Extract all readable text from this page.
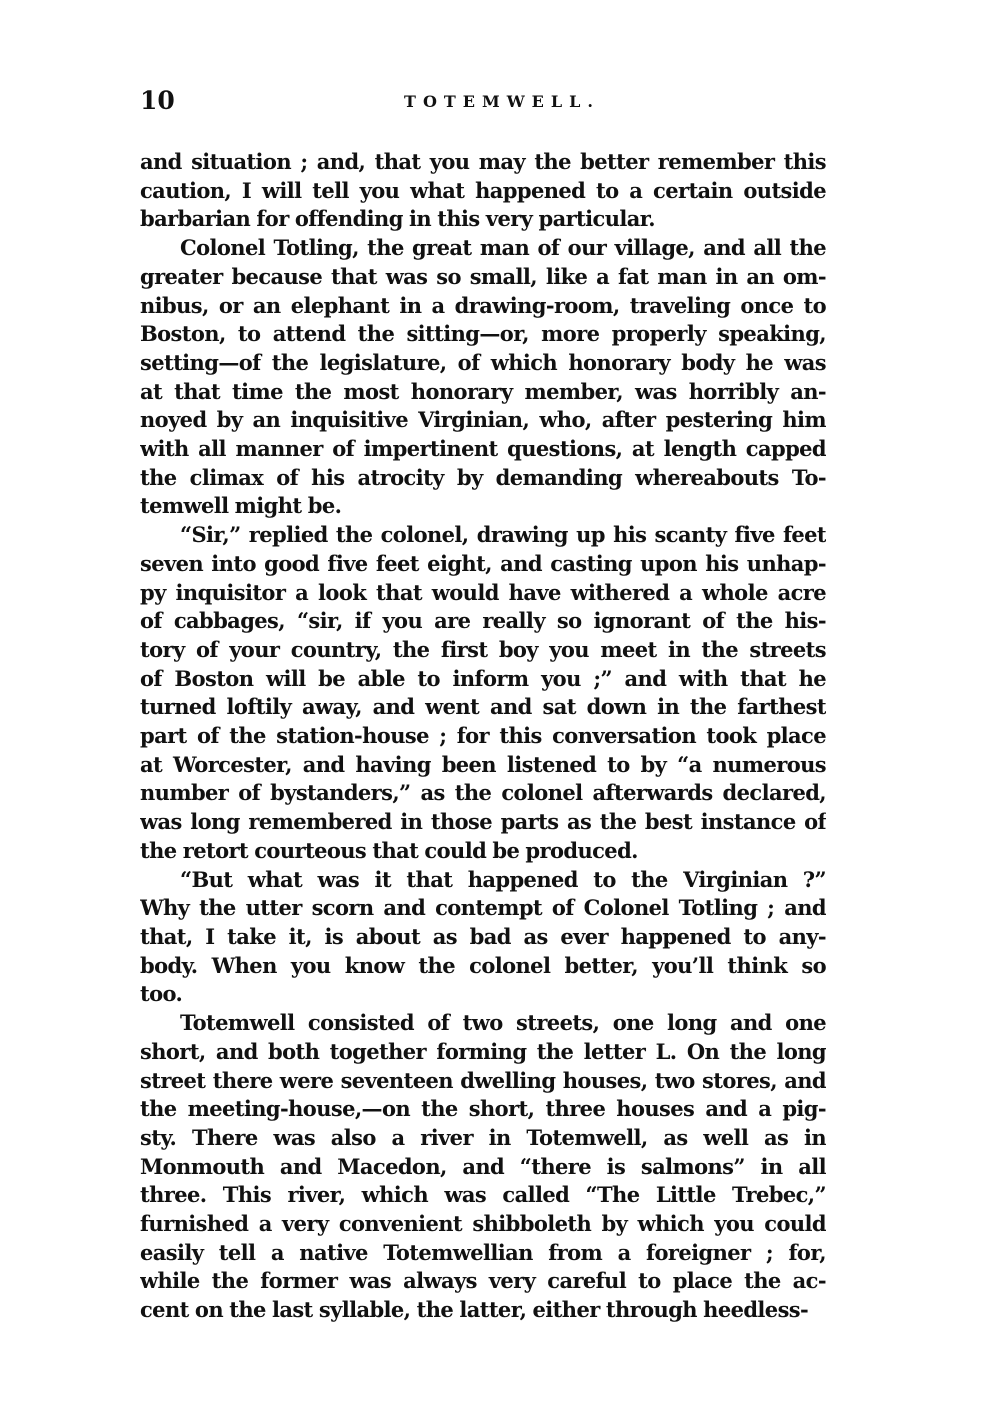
10	TOTEMWELL.
and situation ; and, that you may the better remember this
caution, I will tell you what happened to a certain outside
barbarian for offending in this very particular.
Colonel Totling, the great man of our village, and all the
greater because that was so small, like a fat man in an om-
nibus, or an elephant in a drawing-room, traveling once to
Boston, to attend the sitting—or, more properly speaking,
setting—of the legislature, of which honorary body he was
at that time the most honorary member, was horribly an-
noyed by an inquisitive Virginian, who, after pestering him
with all manner of impertinent questions, at length capped
the climax of his atrocity by demanding whereabouts To-
temwell might be.
“Sir,” replied the colonel, drawing up his scanty five feet
seven into good five feet eight, and casting upon his unhap-
py inquisitor a look that would have withered a whole acre
of cabbages, “sir, if you are really so ignorant of the his-
tory of your country, the first boy you meet in the streets
of Boston will be able to inform you ;” and with that he
turned loftily away, and went and sat down in the farthest
part of the station-house ; for this conversation took place
at Worcester, and having been listened to by “a numerous
number of bystanders,” as the colonel afterwards declared,
was long remembered in those parts as the best instance of
the retort courteous that could be produced.
“But what was it that happened to the Virginian ?”
Why the utter scorn and contempt of Colonel Totling ; and
that, I take it, is about as bad as ever happened to any-
body. When you know the colonel better, you’ll think so
too.
Totemwell consisted of two streets, one long and one
short, and both together forming the letter L. On the long
street there were seventeen dwelling houses, two stores, and
the meeting-house,—on the short, three houses and a pig-
sty. There was also a river in Totemwell, as well as in
Monmouth and Macedon, and “there is salmons” in all
three. This river, which was called “The Little Trebec,”
furnished a very convenient shibboleth by which you could
easily tell a native Totemwellian from a foreigner ; for,
while the former was always very careful to place the ac-
cent on the last syllable, the latter, either through heedless-
